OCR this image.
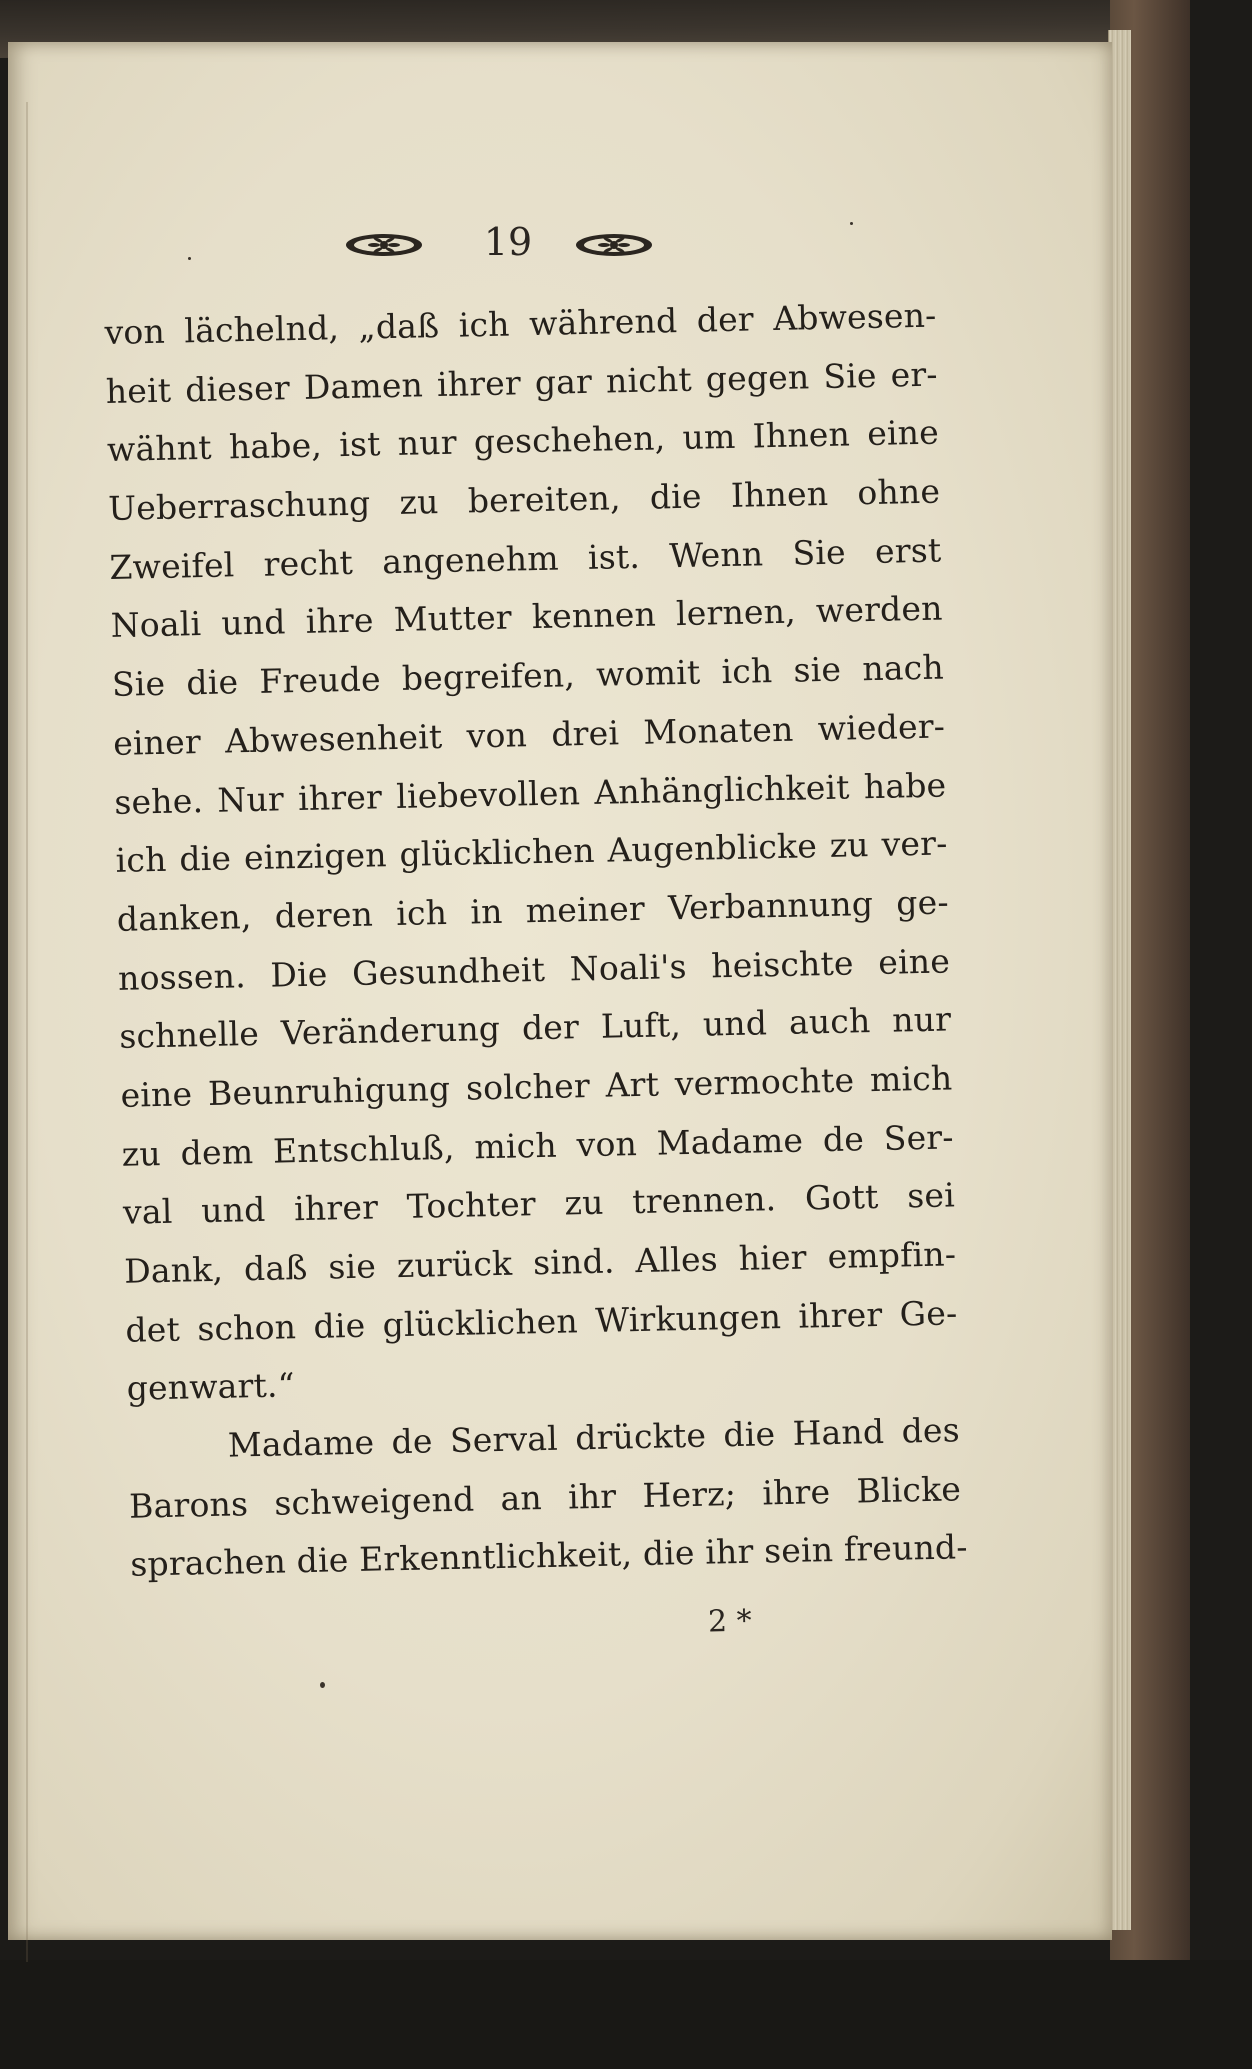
19
von lächelnd, „daß ich während der Abwesen-
heit dieser Damen ihrer gar nicht gegen Sie er-
wähnt habe, ist nur geschehen, um Ihnen eine
Ueberraschung zu bereiten, die Ihnen ohne
Zweifel recht angenehm ist. Wenn Sie erst
Noali und ihre Mutter kennen lernen, werden
Sie die Freude begreifen, womit ich sie nach
einer Abwesenheit von drei Monaten wieder-
sehe. Nur ihrer liebevollen Anhänglichkeit habe
ich die einzigen glücklichen Augenblicke zu ver-
danken, deren ich in meiner Verbannung ge-
nossen. Die Gesundheit Noali's heischte eine
schnelle Veränderung der Luft, und auch nur
eine Beunruhigung solcher Art vermochte mich
zu dem Entschluß, mich von Madame de Ser-
val und ihrer Tochter zu trennen. Gott sei
Dank, daß sie zurück sind. Alles hier empfin-
det schon die glücklichen Wirkungen ihrer Ge-
genwart.“
Madame de Serval drückte die Hand des
Barons schweigend an ihr Herz; ihre Blicke
sprachen die Erkenntlichkeit, die ihr sein freund-
2 *
